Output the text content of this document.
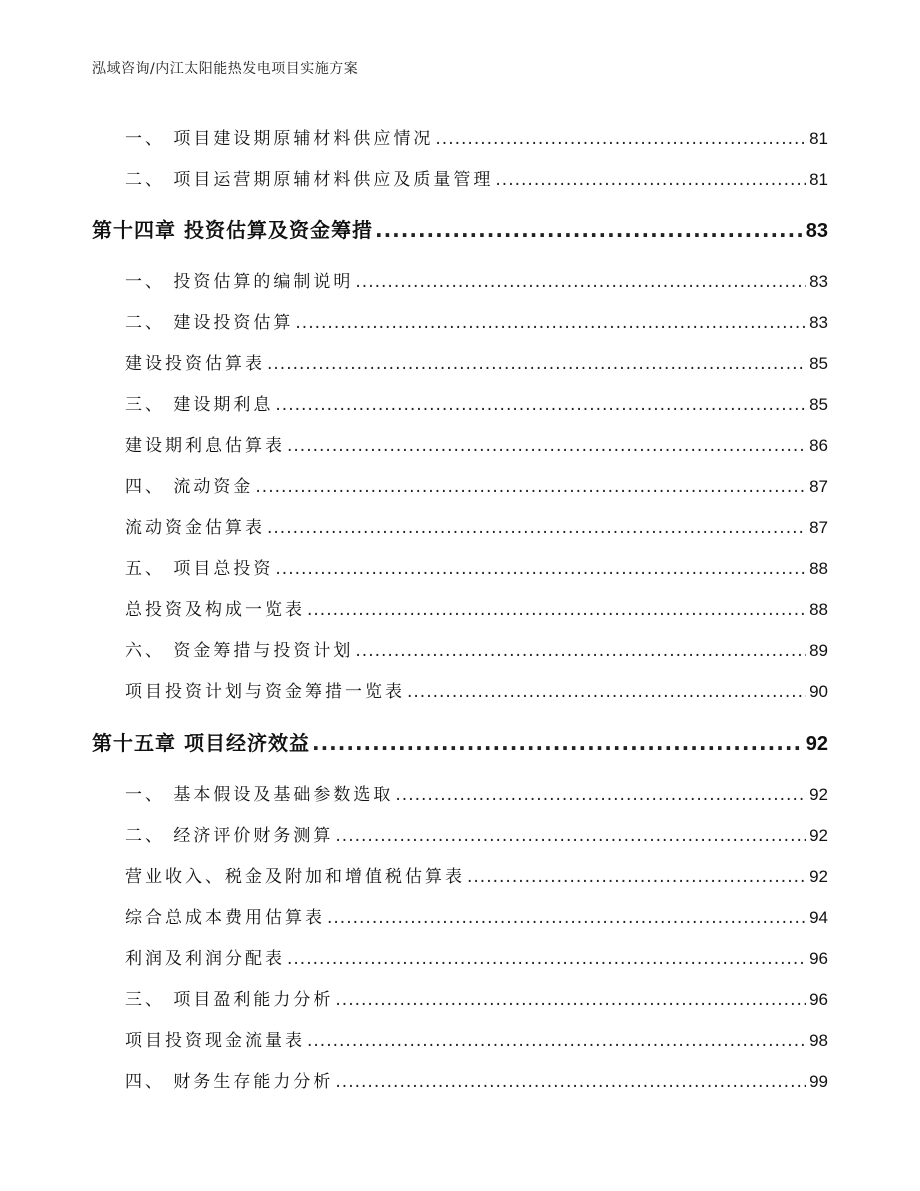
泓域咨询/内江太阳能热发电项目实施方案
一、 项目建设期原辅材料供应情况 .....	81
二、 项目运营期原辅材料供应及质量管理 .....	81
第十四章 投资估算及资金筹措 .....	83
一、 投资估算的编制说明 .....	83
二、 建设投资估算 .....	83
建设投资估算表 .....	85
三、 建设期利息 .....	85
建设期利息估算表 .....	86
四、 流动资金 .....	87
流动资金估算表 .....	87
五、 项目总投资 .....	88
总投资及构成一览表 .....	88
六、 资金筹措与投资计划 .....	89
项目投资计划与资金筹措一览表 .....	90
第十五章 项目经济效益 .....	92
一、 基本假设及基础参数选取 .....	92
二、 经济评价财务测算 .....	92
营业收入、税金及附加和增值税估算表 .....	92
综合总成本费用估算表 .....	94
利润及利润分配表 .....	96
三、 项目盈利能力分析 .....	96
项目投资现金流量表 .....	98
四、 财务生存能力分析 .....	99
